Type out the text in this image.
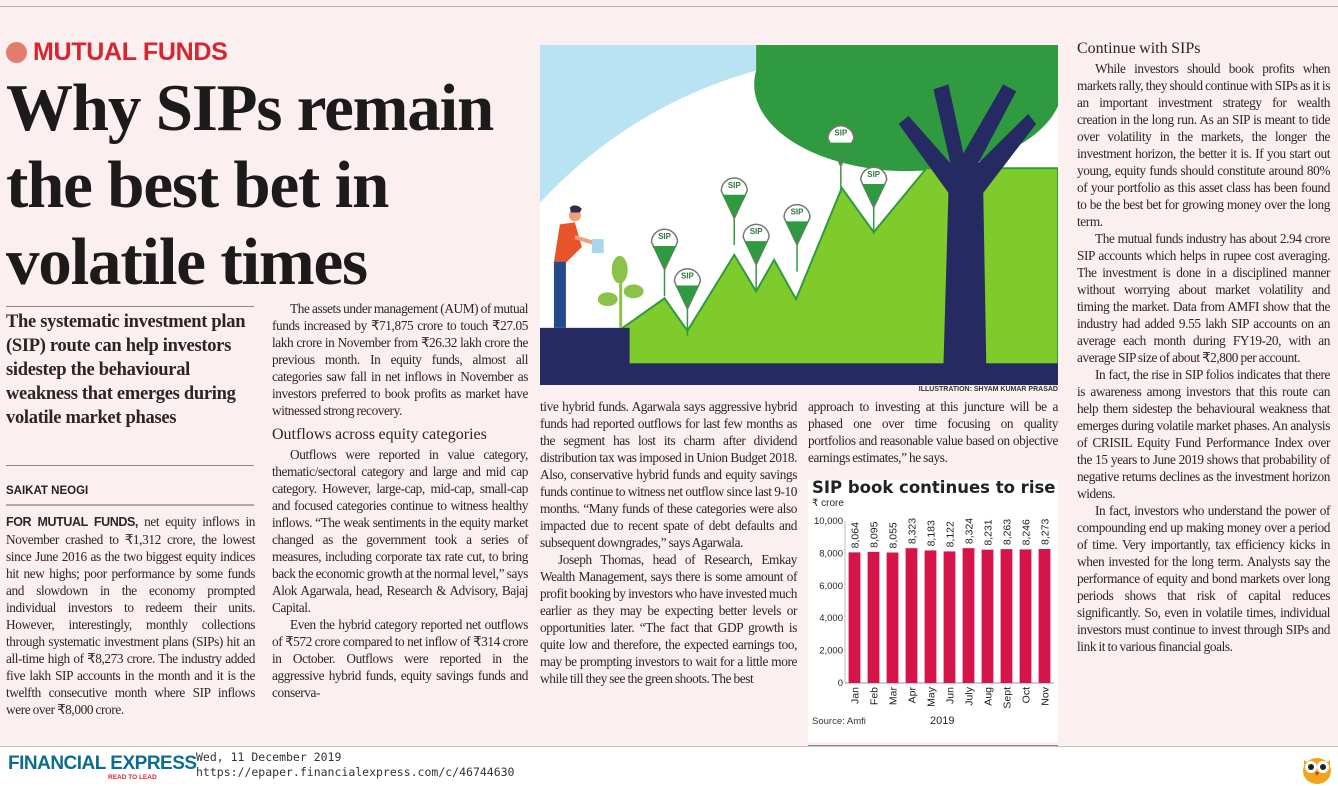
MUTUAL FUNDS
Why SIPs remain the best bet in volatile times
The systematic investment plan (SIP) route can help investors sidestep the behavioural weakness that emerges during volatile market phases
SAIKAT NEOGI

FOR MUTUAL FUNDS, net equity inflows in November crashed to ₹1,312 crore, the lowest since June 2016 as the two biggest equity indices hit new highs; poor performance by some funds and slowdown in the economy prompted individual investors to redeem their units. However, interestingly, monthly collections through systematic investment plans (SIPs) hit an all-time high of ₹8,273 crore. The industry added five lakh SIP accounts in the month and it is the twelfth consecutive month where SIP inflows were over ₹8,000 crore.

The assets under management (AUM) of mutual funds increased by ₹71,875 crore to touch ₹27.05 lakh crore in November from ₹26.32 lakh crore the previous month. In equity funds, almost all categories saw fall in net inflows in November as investors preferred to book profits as market have witnessed strong recovery.

Outflows across equity categories

Outflows were reported in value category, thematic/sectoral category and large and mid cap category. However, large-cap, mid-cap, small-cap and focused categories continue to witness healthy inflows. “The weak sentiments in the equity market changed as the government took a series of measures, including corporate tax rate cut, to bring back the economic growth at the normal level,” says Alok Agarwala, head, Research & Advisory, Bajaj Capital.

Even the hybrid category reported net outflows of ₹572 crore compared to net inflow of ₹314 crore in October. Outflows were reported in the aggressive hybrid funds, equity savings funds and conserva-

SIP
SIP
SIP
SIP
SIP
SIP
SIP
ILLUSTRATION: SHYAM KUMAR PRASAD

tive hybrid funds. Agarwala says aggressive hybrid funds had reported outflows for last few months as the segment has lost its charm after dividend distribution tax was imposed in Union Budget 2018. Also, conservative hybrid funds and equity savings funds continue to witness net outflow since last 9-10 months. “Many funds of these categories were also impacted due to recent spate of debt defaults and subsequent downgrades,” says Agarwala.

Joseph Thomas, head of Research, Emkay Wealth Management, says there is some amount of profit booking by investors who have invested much earlier as they may be expecting better levels or opportunities later. “The fact that GDP growth is quite low and therefore, the expected earnings too, may be prompting investors to wait for a little more while till they see the green shoots. The best

approach to investing at this juncture will be a phased one over time focusing on quality portfolios and reasonable value based on objective earnings estimates,” he says.

SIP book continues to rise
₹ crore
0
2,000
4,000
6,000
8,000
10,000
8,064
Jan
8,095
Feb
8,055
Mar
8,323
Apr
8,183
May
8,122
Jun
8,324
July
8,231
Aug
8,263
Sept
8,246
Oct
8,273
Nov
2019
Source: Amfi

Continue with SIPs

While investors should book profits when markets rally, they should continue with SIPs as it is an important investment strategy for wealth creation in the long run. As an SIP is meant to tide over volatility in the markets, the longer the investment horizon, the better it is. If you start out young, equity funds should constitute around 80% of your portfolio as this asset class has been found to be the best bet for growing money over the long term.

The mutual funds industry has about 2.94 crore SIP accounts which helps in rupee cost averaging. The investment is done in a disciplined manner without worrying about market volatility and timing the market. Data from AMFI show that the industry had added 9.55 lakh SIP accounts on an average each month during FY19-20, with an average SIP size of about ₹2,800 per account.

In fact, the rise in SIP folios indicates that there is awareness among investors that this route can help them sidestep the behavioural weakness that emerges during volatile market phases. An analysis of CRISIL Equity Fund Performance Index over the 15 years to June 2019 shows that probability of negative returns declines as the investment horizon widens.

In fact, investors who understand the power of compounding end up making money over a period of time. Very importantly, tax efficiency kicks in when invested for the long term. Analysts say the performance of equity and bond markets over long periods shows that risk of capital reduces significantly. So, even in volatile times, individual investors must continue to invest through SIPs and link it to various financial goals.

FINANCIAL EXPRESS
READ TO LEAD
Wed, 11 December 2019
https://epaper.financialexpress.com/c/46744630
